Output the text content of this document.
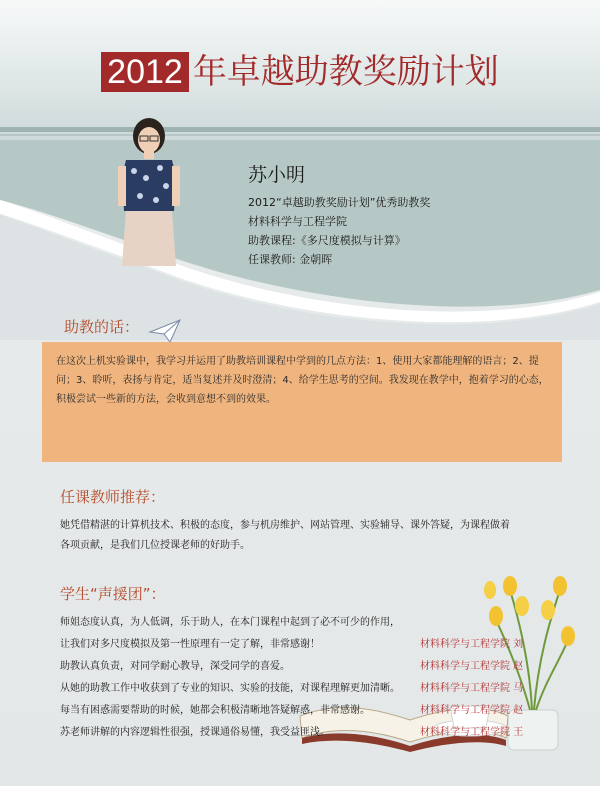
2012 年卓越助教奖励计划
苏小明
2012“卓越助教奖励计划”优秀助教奖
材料科学与工程学院
助教课程:《多尺度模拟与计算》
任课教师: 金朝晖
助教的话：
在这次上机实验课中，我学习并运用了助教培训课程中学到的几点方法：1、使用大家都能理解的语言；2、提问；3、聆听，表扬与肯定，适当复述并及时澄清；4、给学生思考的空间。我发现在教学中，抱着学习的心态，积极尝试一些新的方法，会收到意想不到的效果。
任课教师推荐：
她凭借精湛的计算机技术、积极的态度，参与机房维护、网站管理、实验辅导、课外答疑，为课程做着
各项贡献，是我们几位授课老师的好助手。
学生“声援团”：
师姐态度认真，为人低调，乐于助人，在本门课程中起到了必不可少的作用，
让我们对多尺度模拟及第一性原理有一定了解，非常感谢！
助教认真负责，对同学耐心教导，深受同学的喜爱。
从她的助教工作中收获到了专业的知识、实验的技能，对课程理解更加清晰。
每当有困惑需要帮助的时候，她都会积极清晰地答疑解惑，非常感谢。
苏老师讲解的内容逻辑性很强，授课通俗易懂，我受益匪浅。
材料科学与工程学院 刘
材料科学与工程学院 赵
材料科学与工程学院 马
材料科学与工程学院 赵
材料科学与工程学院 王
